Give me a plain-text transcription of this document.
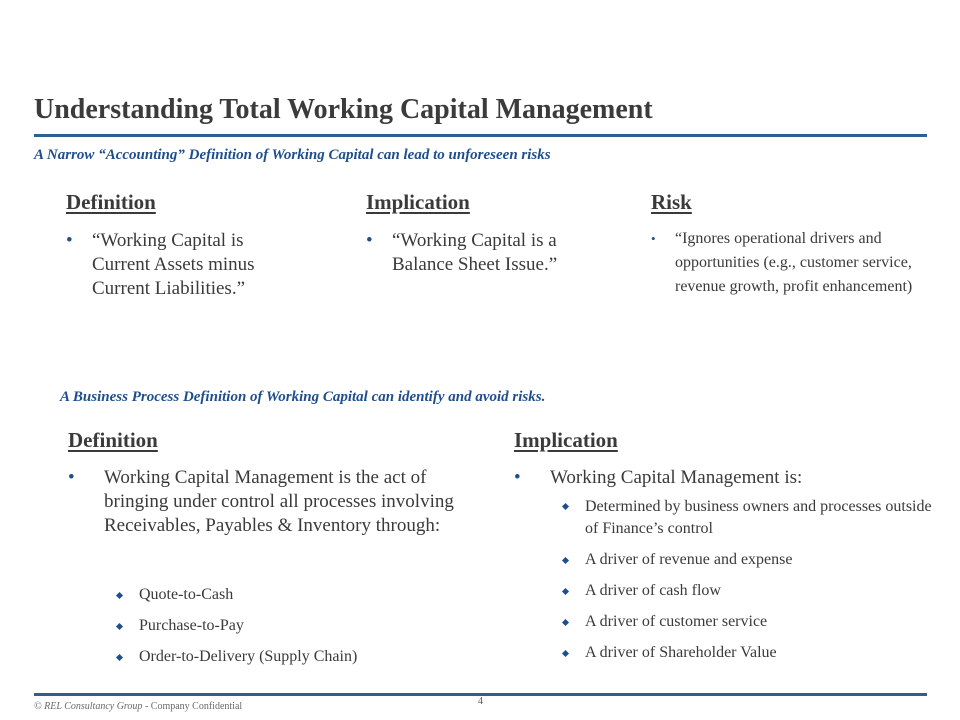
Understanding Total Working Capital Management
A Narrow “Accounting” Definition of Working Capital can lead to unforeseen risks
Definition
•	“Working Capital is Current Assets minus Current Liabilities.”
Implication
•	“Working Capital is a Balance Sheet Issue.”
Risk
•	“Ignores operational drivers and opportunities (e.g., customer service, revenue growth, profit enhancement)
A Business Process Definition of Working Capital can identify and avoid risks.
Definition
•	Working Capital Management is the act of bringing under control all processes involving Receivables, Payables & Inventory through:
Quote-to-Cash
Purchase-to-Pay
Order-to-Delivery (Supply Chain)
Implication
•	Working Capital Management is:
Determined by business owners and processes outside of Finance’s control
A driver of revenue and expense
A driver of cash flow
A driver of customer service
A driver of Shareholder Value
© REL Consultancy Group - Company Confidential	4
